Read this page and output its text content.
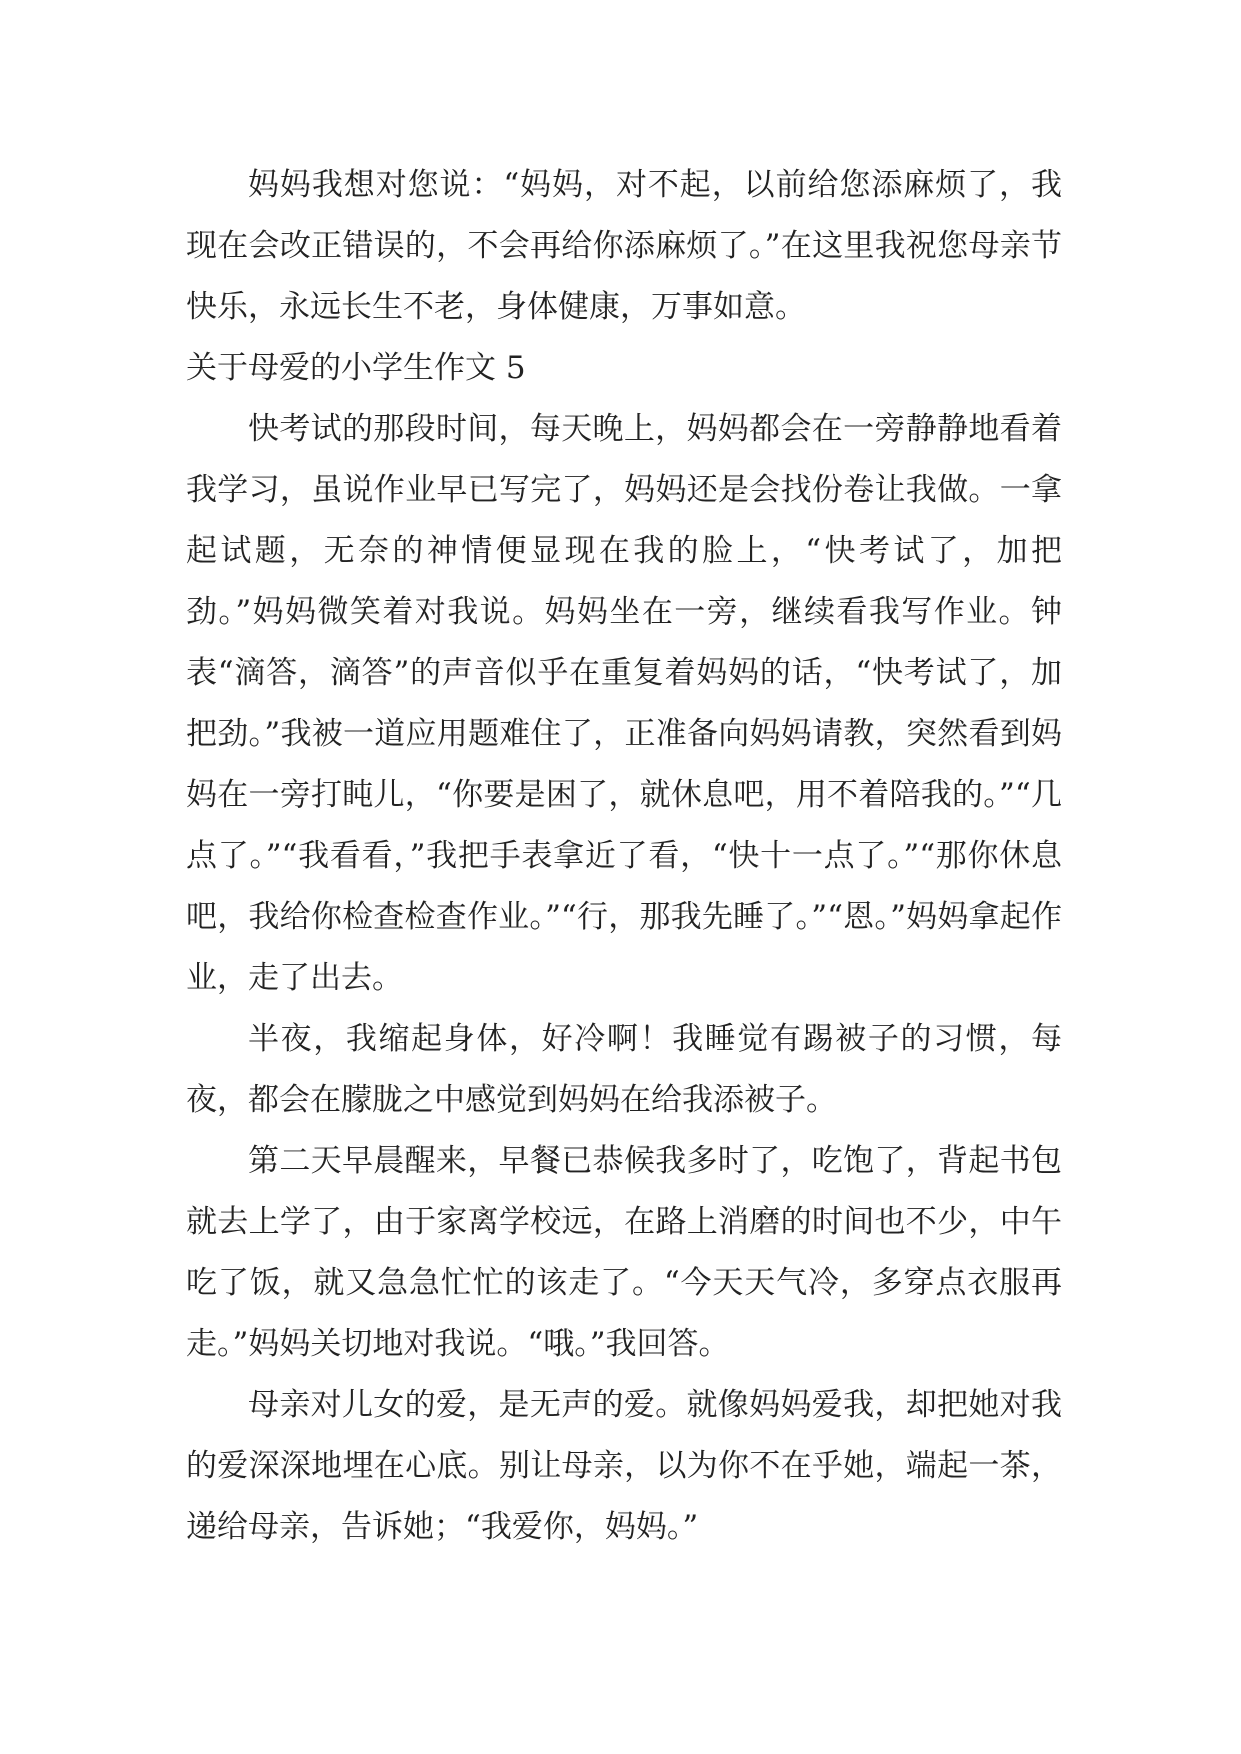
妈妈我想对您说：“妈妈，对不起，以前给您添麻烦了，我现在会改正错误的，不会再给你添麻烦了。”在这里我祝您母亲节快乐，永远长生不老，身体健康，万事如意。

关于母爱的小学生作文 5

快考试的那段时间，每天晚上，妈妈都会在一旁静静地看着我学习，虽说作业早已写完了，妈妈还是会找份卷让我做。一拿起试题，无奈的神情便显现在我的脸上，“快考试了，加把劲。”妈妈微笑着对我说。妈妈坐在一旁，继续看我写作业。钟表“滴答，滴答”的声音似乎在重复着妈妈的话，“快考试了，加把劲。”我被一道应用题难住了，正准备向妈妈请教，突然看到妈妈在一旁打盹儿，“你要是困了，就休息吧，用不着陪我的。”“几点了。”“我看看，”我把手表拿近了看，“快十一点了。”“那你休息吧，我给你检查检查作业。”“行，那我先睡了。”“恩。”妈妈拿起作业，走了出去。

半夜，我缩起身体，好冷啊！我睡觉有踢被子的习惯，每夜，都会在朦胧之中感觉到妈妈在给我添被子。

第二天早晨醒来，早餐已恭候我多时了，吃饱了，背起书包就去上学了，由于家离学校远，在路上消磨的时间也不少，中午吃了饭，就又急急忙忙的该走了。“今天天气冷，多穿点衣服再走。”妈妈关切地对我说。“哦。”我回答。

母亲对儿女的爱，是无声的爱。就像妈妈爱我，却把她对我的爱深深地埋在心底。别让母亲，以为你不在乎她，端起一茶，递给母亲，告诉她；“我爱你，妈妈。”
